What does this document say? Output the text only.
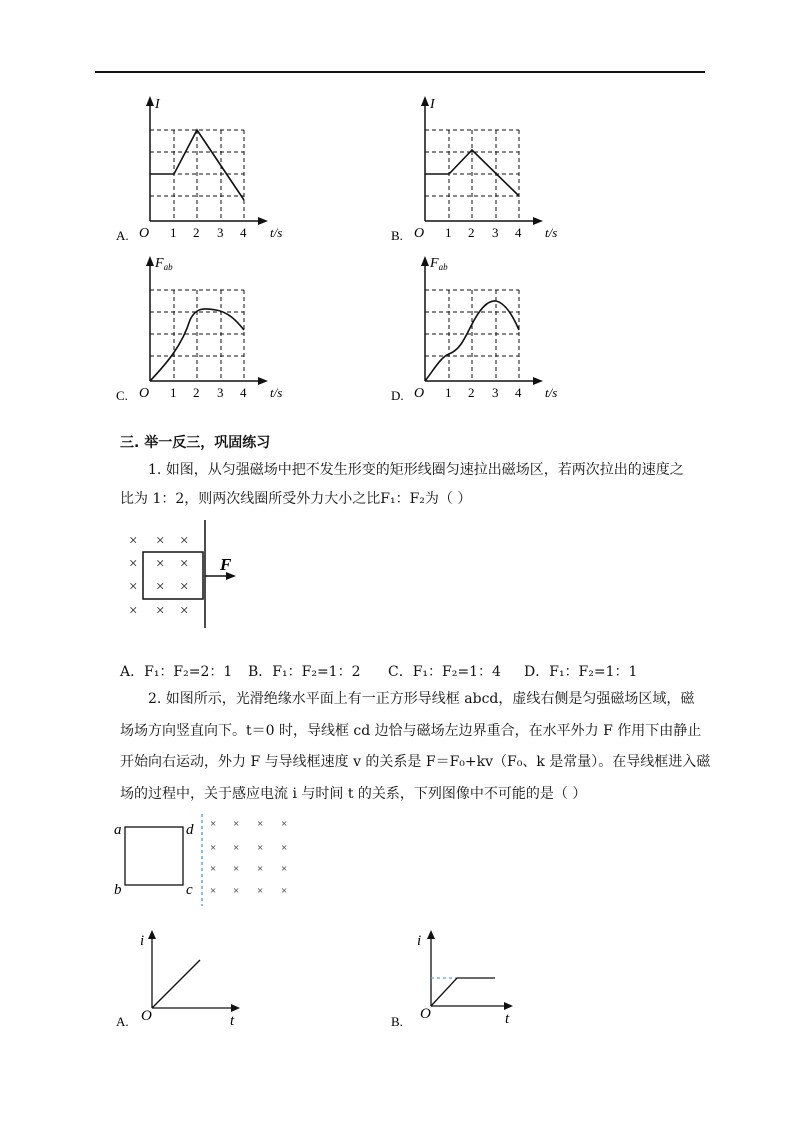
I
O 1 2 3 4 t/s
A.
I
O 1 2 3 4 t/s
B.
$F_{ab}$
O 1 2 3 4 t/s
C.
$F_{ab}$
O 1 2 3 4 t/s
D.
三. 举一反三，巩固练习
1. 如图，从匀强磁场中把不发生形变的矩形线圈匀速拉出磁场区，若两次拉出的速度之
比为 1：2，则两次线圈所受外力大小之比F₁：F₂为（ ）
× × ×
× × ×
× × ×
× × ×
F
A．F₁：F₂=2：1 B．F₁：F₂=1：2 C．F₁：F₂=1：4 D．F₁：F₂=1：1
2. 如图所示，光滑绝缘水平面上有一正方形导线框 abcd，虚线右侧是匀强磁场区域，磁
场场方向竖直向下。t＝0 时，导线框 cd 边恰与磁场左边界重合，在水平外力 F 作用下由静止
开始向右运动，外力 F 与导线框速度 v 的关系是 F＝F₀+kv（F₀、k 是常量）。在导线框进入磁
场的过程中，关于感应电流 i 与时间 t 的关系，下列图像中不可能的是（ ）
× × × ×
× × × ×
× × × ×
× × × ×
a	d
b	c
i
O	t
A.
i
O	t
B.
